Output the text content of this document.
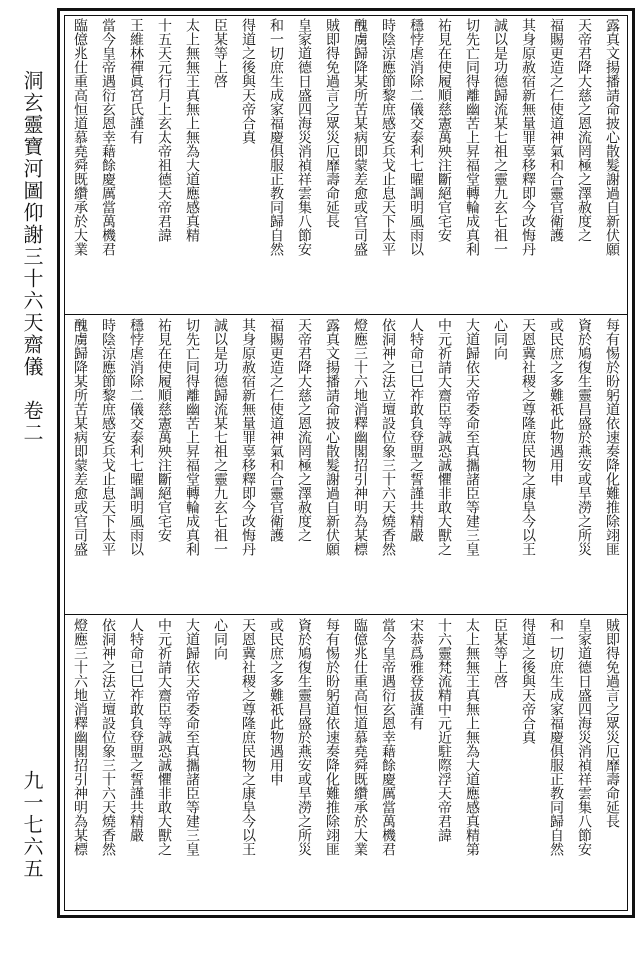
洞玄靈寶河圖仰謝三十六天齋儀　卷二
九一七六五
露真文揚播請命披心散髮謝過自新伏願
天帝君降大慈之恩流罔極之澤赦度之
福賜更造之仁使道神氣和合靈官衛護
其身原赦宿新無量罪辜移釋即今改悔丹
誠以是功德歸流某七祖之靈九玄七祖一
切先亡同得離幽苦上昇福堂轉輪成真利
祐見在使履順慈憲萬殃注斷絕官宅安
穩悖虐消除二儀交泰利七曜調明風雨以
時陰涼應節黎庶感安兵戈止息天下太平
醜虜歸降某所苦某病即蒙差愈或官司盛
賊即得免過言之眾災厄靡壽命延長
皇家道德日盛四海災消禎祥雲集八節安
和一切庶生成家福慶俱服正教同歸自然
得道之後與天帝合真
臣某等上啓
太上無無王真無上無為大道應感真精
十五天元行月上玄太帝祖德天帝君諱
王維林禪眞宮氏謹有
當今皇帝遇衍玄恩幸藉餘慶厲當萬機君
臨億兆仕重高恒道慕堯舜既纘承於大業
每有惕於盼躬道依速奏降化難推除翊匪
資於鳩復生靈昌盛於燕安或旱澇之所災
或民庶之多難祇此物遇用申
天恩冀社稷之尊隆庶民物之康阜今以王
心同向
大道歸依天帝委命至真攜諸臣等建三皇
中元祈請大齋臣等誠恐誠懼非敢大獸之
人特命已巳祚敢負登盟之誓謹共精嚴
依洞神之法立壇設位象三十六天燒香然
燈應三十六地消釋幽閣招引神明為某標
露真文揚播請命披心散髮謝過自新伏願
天帝君降大慈之恩流罔極之澤赦度之
福賜更造之仁使道神氣和合靈官衛護
其身原赦宿新無量罪辜移釋即今改悔丹
誠以是功德歸流某七祖之靈九玄七祖一
切先亡同得離幽苦上昇福堂轉輪成真利
祐見在使履順慈憲萬殃注斷絕官宅安
穩悖虐消除二儀交泰利七曜調明風雨以
時陰涼應節黎庶感安兵戈止息天下太平
醜虜歸降某所苦某病即蒙差愈或官司盛
賊即得免過言之眾災厄靡壽命延長
皇家道德日盛四海災消禎祥雲集八節安
和一切庶生成家福慶俱服正教同歸自然
得道之後與天帝合真
臣某等上啓
太上無無王真無上無為大道應感真精第
十六靈梵流精中元近駐際浮天帝君諱
宋恭爲雅登拔謹有
當今皇帝遇衍玄恩幸藉餘慶厲當萬機君
臨億兆仕重高恒道慕堯舜既纘承於大業
每有惕於盼躬道依速奏降化難推除翊匪
資於鳩復生靈昌盛於燕安或旱澇之所災
或民庶之多難祇此物遇用申
天恩冀社稷之尊隆庶民物之康阜今以王
心同向
大道歸依天帝委命至真攜諸臣等建三皇
中元祈請大齋臣等誠恐誠懼非敢大獸之
人特命已巳祚敢負登盟之誓謹共精嚴
依洞神之法立壇設位象三十六天燒香然
燈應三十六地消釋幽閣招引神明為某標
